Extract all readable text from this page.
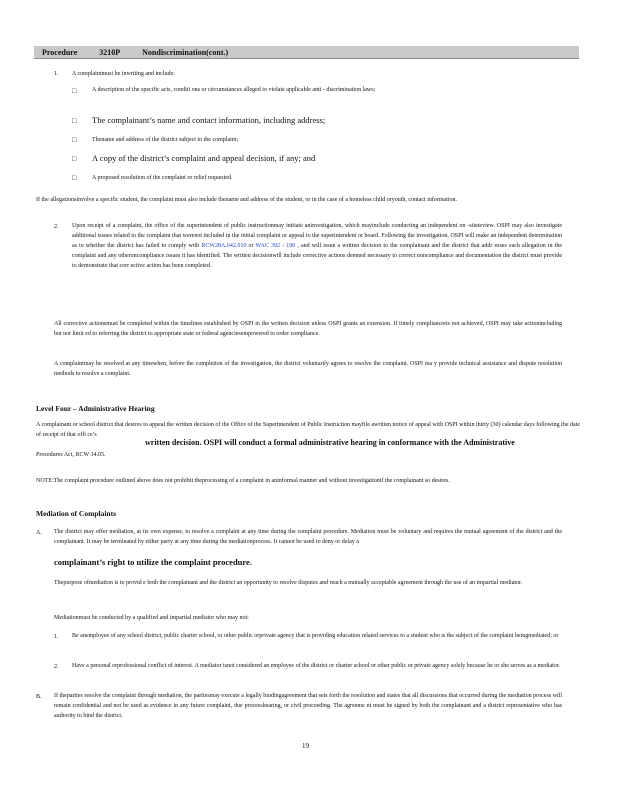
Procedure	3210P	Nondiscrimination(cont.)
1. A complaintmust be inwriting and include:
□	A description of the specific acts, conditi ons or circumstances alleged to violate applicable anti - discrimination laws;
□ The complainant’s name and contact information, including address;
□	Thename and address of the district subject to the complaint;
□ A copy of the district’s complaint and appeal decision, if any; and
□	A proposed resolution of the complaint or relief requested.
If the allegationsinvolve a specific student, the complaint must also include thename and address of the student, or in the case of a homeless child oryouth, contact information.
2. Upon receipt of a complaint, the office of the superintendent of public instructionmay initiate aninvestigation, which mayinclude conducting an independent on -siteteview. OSPI may also investigate additional issues related to the complaint that werenot included in the initial complaint or appeal to the superintendent or board. Following the investigation, OSPI will make an independent determination as to whether the district has failed to comply with RCW28A.642.010 or WAC 392 - 190 , and will issue a written decision to the complainant and the district that addr esses each allegation in the complaint and any otheroncompliance issues it has identified. The written decisionwill include corrective actions deemed necessary to correct noncompliance and documentation the district must provide to demonstrate that corr ective action has been completed.
All corrective actionsmust be completed within the timelines established by OSPI in the written decision unless OSPI grants an extension. If timely compliancreis not achieved, OSPI may take actionincluding but not limit ed to referring the district to appropriate state or federal agenciesempowered to order compliance.
A complaintmay be resolved at any timewhen, before the completion of the investigation, the district voluntarily agrees to resolve the complaint. OSPI ma y provide technical assistance and dispute resolution methods to resolve a complaint.
Level Four – Administrative Hearing
A complainant or school district that desires to appeal the written decision of the Office of the Superintendent of Public Instruction mayfile awritten notice of appeal with OSPI within thirty (30) calendar days following the date of receipt of that offi ce’s
written decision. OSPI will conduct a formal administrative hearing in conformance with the Administrative
Procedures Act, RCW 34.05.
NOTE:The complaint procedure outlined above does not prohibit theprocessing of a complaint in aninformal manner and without investigationif the complainant so desires.
Mediation of Complaints
A. The district may offer mediation, at its own expense, to resolve a complaint at any time during the complaint procedure. Mediation must be voluntary and requires the mutual agreement of the district and the complainant. It may be terminated by either party at any time during the mediationprocess. It cannot be used to deny or delay a
complainant’s right to utilize the complaint procedure.
Thepurpose ofmediation is to provid e both the complainant and the district an opportunity to resolve disputes and reach a mutually acceptable agreement through the use of an impartial mediator.
Mediationmust be conducted by a qualified and impartial mediator who may not:
1. Be anemployee of any school district, public charter school, or other public orprivate agency that is providing education related services to a student who is the subject of the complaint beingmediated; or
2. Have a personal orprofessional conflict of interest. A mediator isnot considered an employee of the district or charter school or other public or private agency solely because he or she serves as a mediator.
B. If theparties resolve the complaint through mediation, the partiesmay execute a legally bindingagreement that sets forth the resolution and states that all discussions that occurred during the mediation process will remain confidential and not be used as evidence in any future complaint, due processhearing, or civil proceeding. The agreeme nt must be signed by both the complainant and a district representative who has authority to bind the district.
19
